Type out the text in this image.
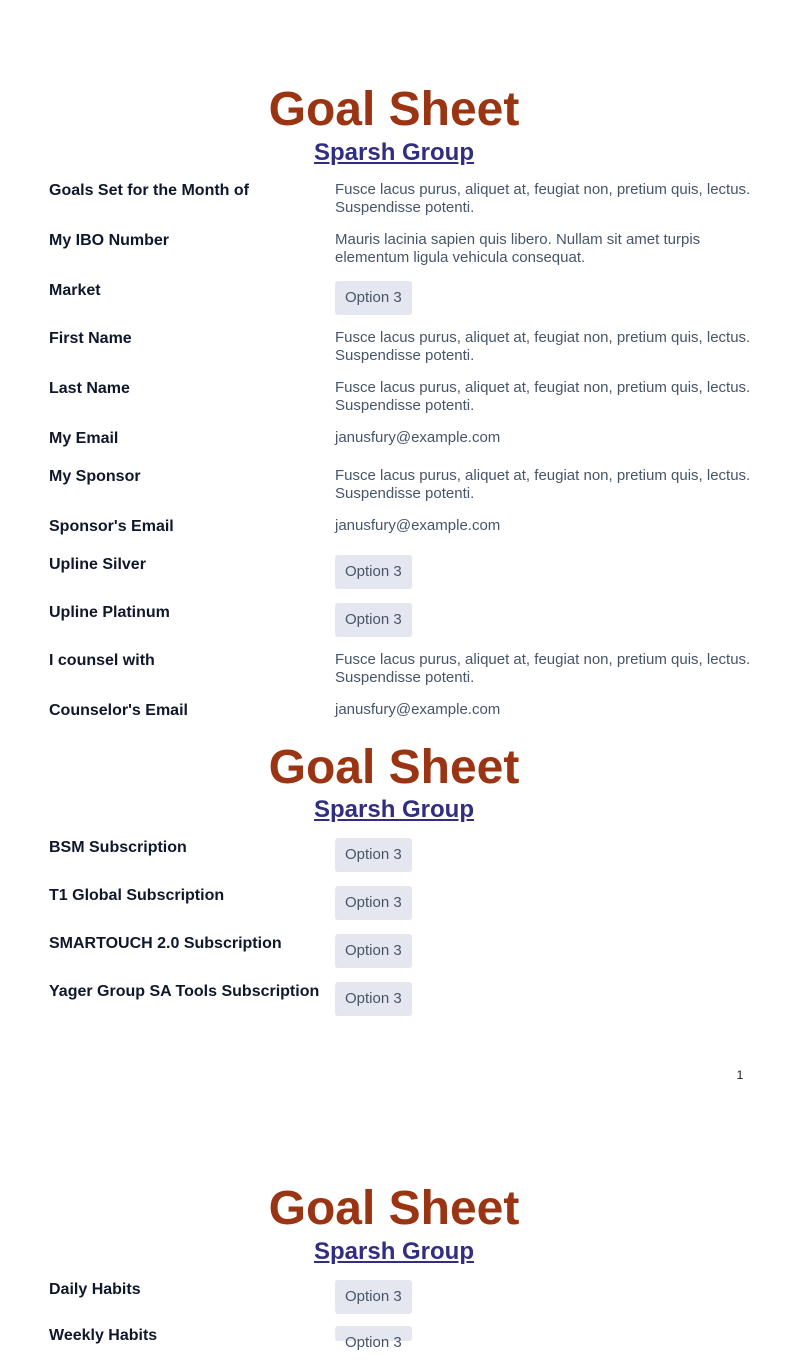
Goal Sheet
Sparsh Group
Goals Set for the Month of	Fusce lacus purus, aliquet at, feugiat non, pretium quis, lectus. Suspendisse potenti.
My IBO Number	Mauris lacinia sapien quis libero. Nullam sit amet turpis elementum ligula vehicula consequat.
Market	Option 3
First Name	Fusce lacus purus, aliquet at, feugiat non, pretium quis, lectus. Suspendisse potenti.
Last Name	Fusce lacus purus, aliquet at, feugiat non, pretium quis, lectus. Suspendisse potenti.
My Email	janusfury@example.com
My Sponsor	Fusce lacus purus, aliquet at, feugiat non, pretium quis, lectus. Suspendisse potenti.
Sponsor's Email	janusfury@example.com
Upline Silver	Option 3
Upline Platinum	Option 3
I counsel with	Fusce lacus purus, aliquet at, feugiat non, pretium quis, lectus. Suspendisse potenti.
Counselor's Email	janusfury@example.com
Goal Sheet
Sparsh Group
BSM Subscription	Option 3
T1 Global Subscription	Option 3
SMARTOUCH 2.0 Subscription	Option 3
Yager Group SA Tools Subscription	Option 3
1
Goal Sheet
Sparsh Group
Daily Habits	Option 3
Weekly Habits	Option 3
